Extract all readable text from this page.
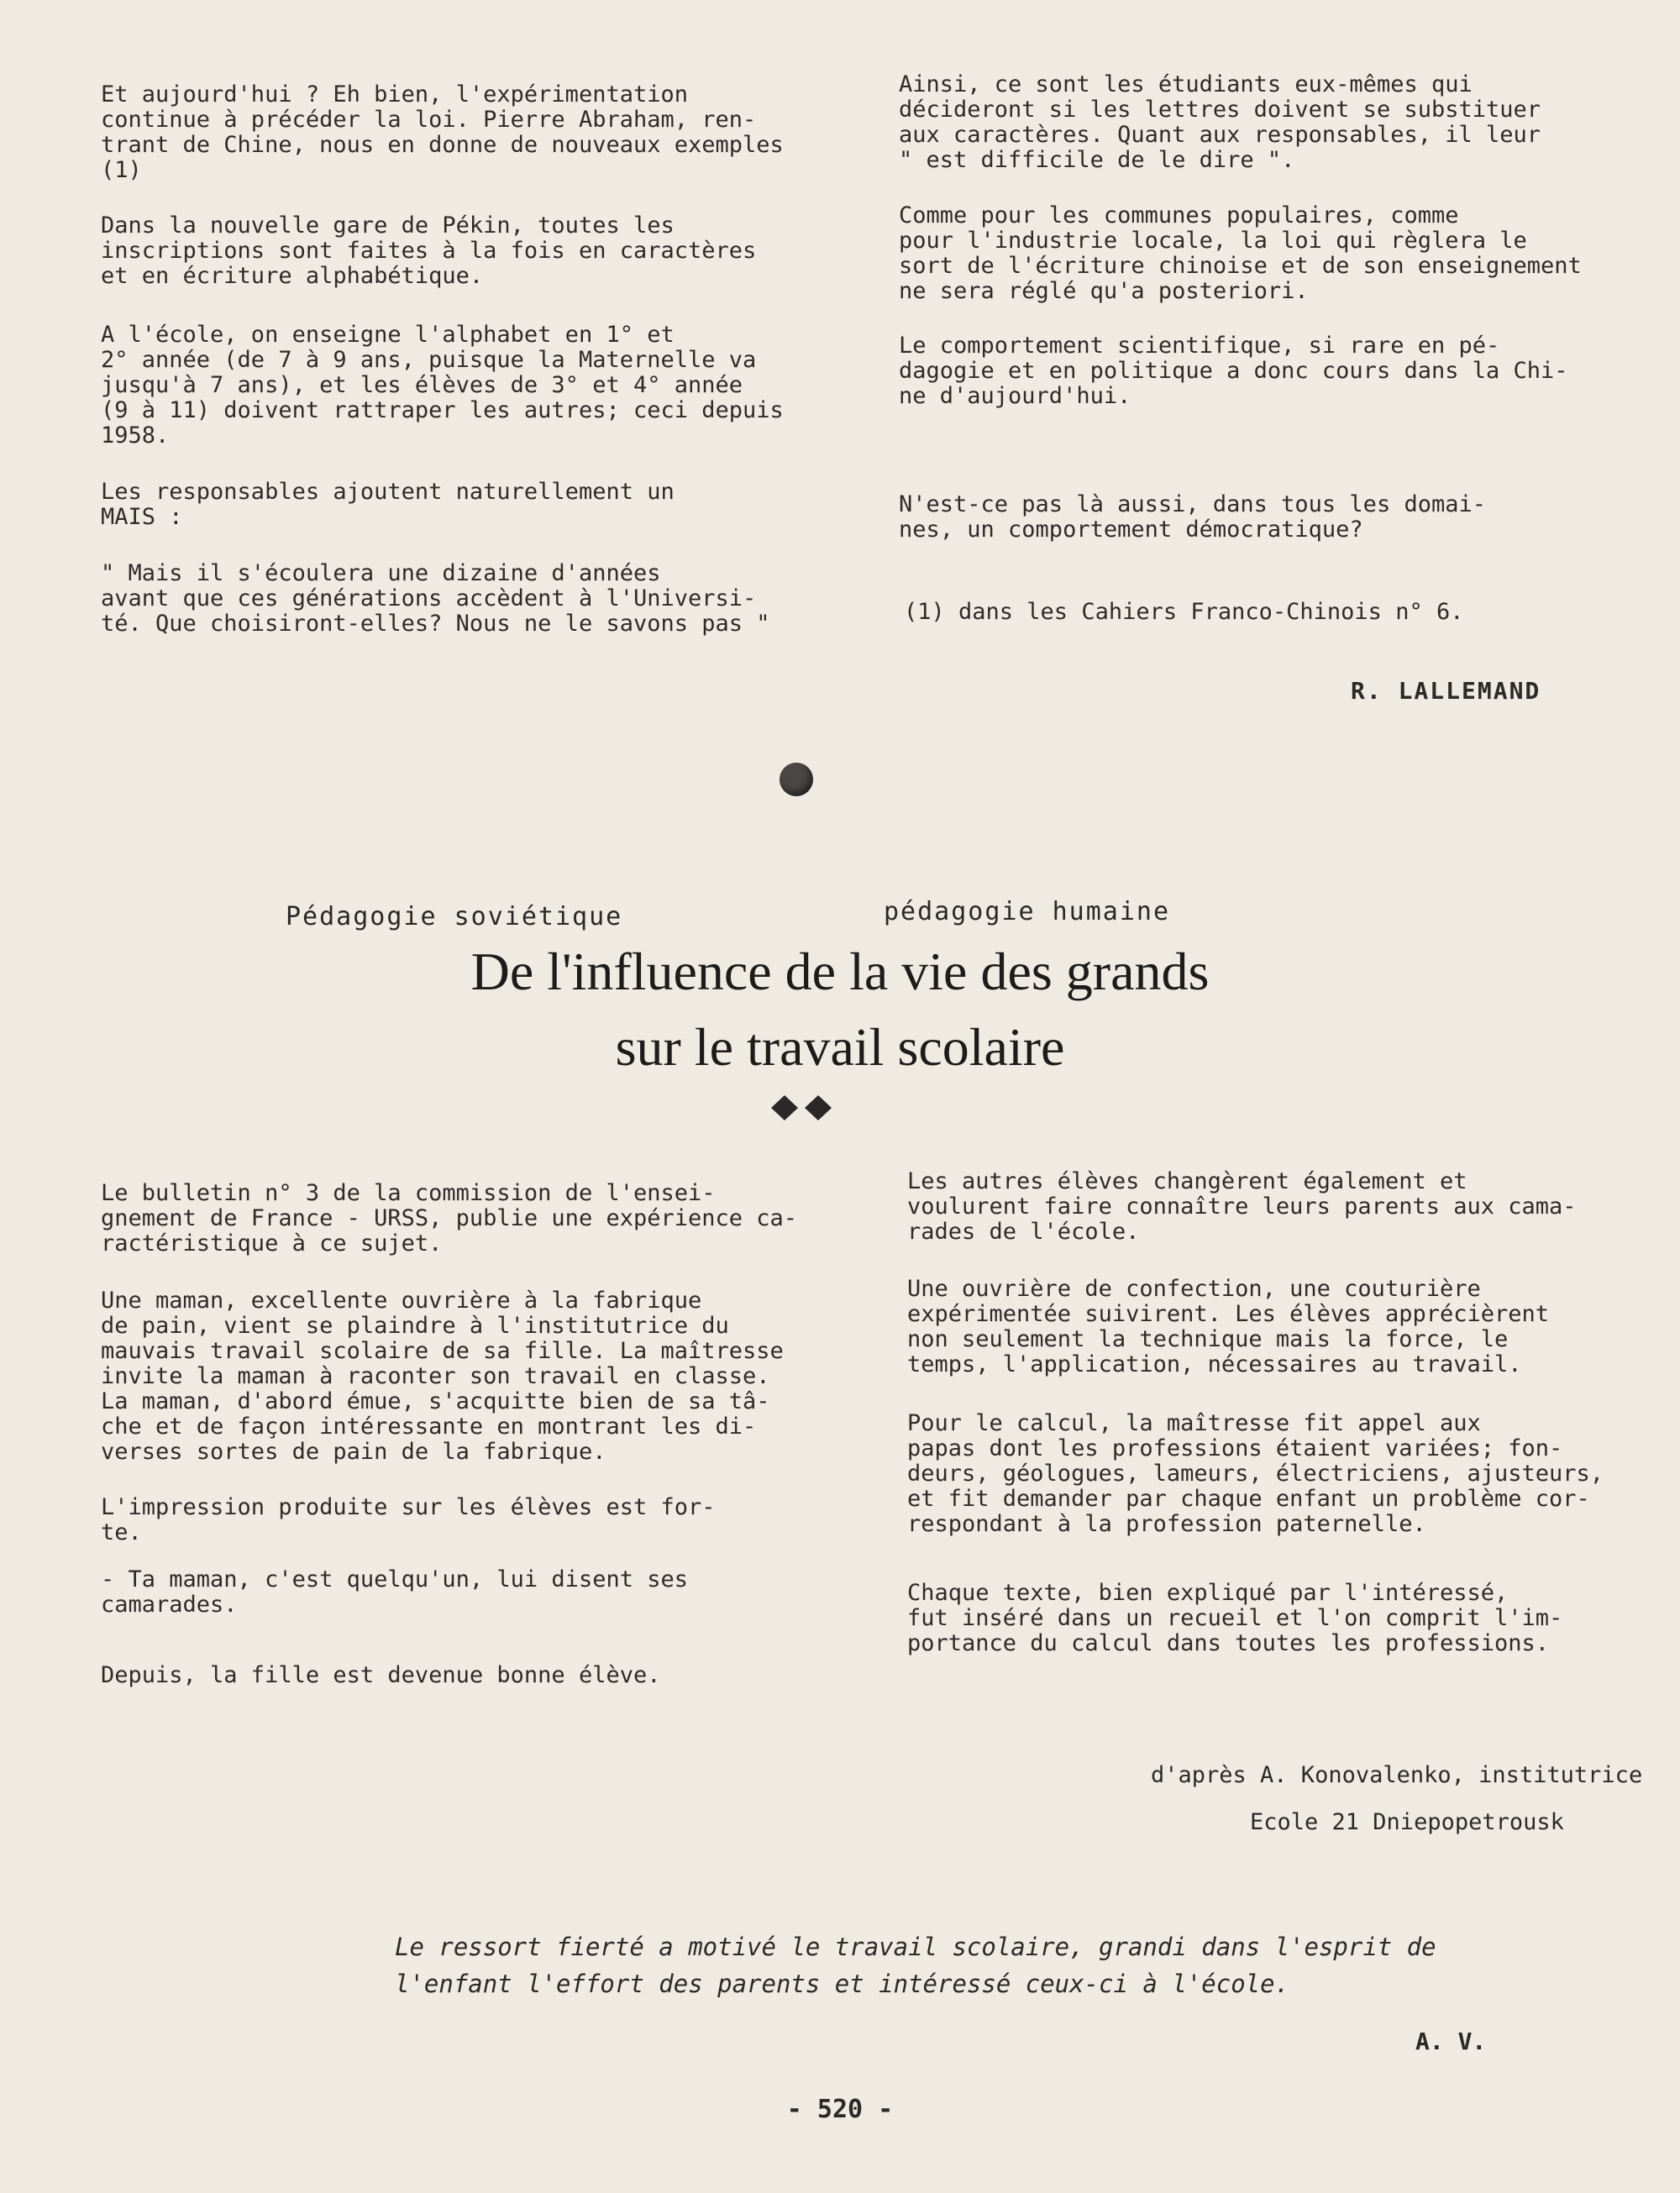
Et aujourd'hui ? Eh bien, l'expérimentation
continue à précéder la loi. Pierre Abraham, ren-
trant de Chine, nous en donne de nouveaux exemples
(1)

Dans la nouvelle gare de Pékin, toutes les
inscriptions sont faites à la fois en caractères
et en écriture alphabétique.

A l'école, on enseigne l'alphabet en 1° et
2° année (de 7 à 9 ans, puisque la Maternelle va
jusqu'à 7 ans), et les élèves de 3° et 4° année
(9 à 11) doivent rattraper les autres; ceci depuis
1958.

Les responsables ajoutent naturellement un
MAIS :

" Mais il s'écoulera une dizaine d'années
avant que ces générations accèdent à l'Universi-
té. Que choisiront-elles? Nous ne le savons pas "

Ainsi, ce sont les étudiants eux-mêmes qui
décideront si les lettres doivent se substituer
aux caractères. Quant aux responsables, il leur
" est difficile de le dire ".

Comme pour les communes populaires, comme
pour l'industrie locale, la loi qui règlera le
sort de l'écriture chinoise et de son enseignement
ne sera réglé qu'a posteriori.

Le comportement scientifique, si rare en pé-
dagogie et en politique a donc cours dans la Chi-
ne d'aujourd'hui.

N'est-ce pas là aussi, dans tous les domai-
nes, un comportement démocratique?

(1) dans les Cahiers Franco-Chinois n° 6.

R. LALLEMAND
Pédagogie soviétique	pédagogie humaine
De l'influence de la vie des grands
sur le travail scolaire

Le bulletin n° 3 de la commission de l'ensei-
gnement de France - URSS, publie une expérience ca-
ractéristique à ce sujet.

Une maman, excellente ouvrière à la fabrique
de pain, vient se plaindre à l'institutrice du
mauvais travail scolaire de sa fille. La maîtresse
invite la maman à raconter son travail en classe.
La maman, d'abord émue, s'acquitte bien de sa tâ-
che et de façon intéressante en montrant les di-
verses sortes de pain de la fabrique.

L'impression produite sur les élèves est for-
te.

- Ta maman, c'est quelqu'un, lui disent ses
camarades.

Depuis, la fille est devenue bonne élève.

Les autres élèves changèrent également et
voulurent faire connaître leurs parents aux cama-
rades de l'école.

Une ouvrière de confection, une couturière
expérimentée suivirent. Les élèves apprécièrent
non seulement la technique mais la force, le
temps, l'application, nécessaires au travail.

Pour le calcul, la maîtresse fit appel aux
papas dont les professions étaient variées; fon-
deurs, géologues, lameurs, électriciens, ajusteurs,
et fit demander par chaque enfant un problème cor-
respondant à la profession paternelle.

Chaque texte, bien expliqué par l'intéressé,
fut inséré dans un recueil et l'on comprit l'im-
portance du calcul dans toutes les professions.

d'après A. Konovalenko, institutrice
Ecole 21 Dniepopetrousk
Le ressort fierté a motivé le travail scolaire, grandi dans l'esprit de
l'enfant l'effort des parents et intéressé ceux-ci à l'école.
A. V.
- 520 -
